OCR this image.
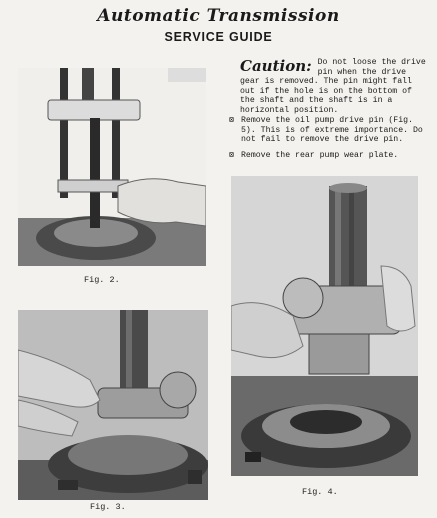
Automatic Transmission
SERVICE GUIDE
Fig. 2.
Fig. 3.
Caution: Do not loose the drive pin when the drive gear is removed. The pin might fall out if the hole is on the bottom of the shaft and the shaft is in a horizontal position.
⊠ Remove the oil pump drive pin (Fig. 5). This is of extreme importance. Do not fail to remove the drive pin.
⊠ Remove the rear pump wear plate.
Fig. 4.
